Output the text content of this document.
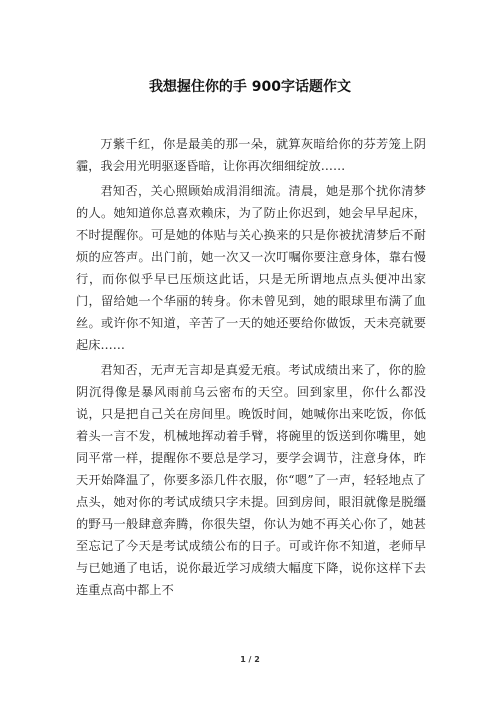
我想握住你的手 900字话题作文

万紫千红，你是最美的那一朵，就算灰暗给你的芬芳笼上阴霾，我会用光明驱逐昏暗，让你再次细细绽放……

君知否，关心照顾始成涓涓细流。清晨，她是那个扰你清梦的人。她知道你总喜欢赖床，为了防止你迟到，她会早早起床，不时提醒你。可是她的体贴与关心换来的只是你被扰清梦后不耐烦的应答声。出门前，她一次又一次叮嘱你要注意身体，靠右慢行，而你似乎早已压烦这此话，只是无所谓地点点头便冲出家门，留给她一个华丽的转身。你未曾见到，她的眼球里布满了血丝。或许你不知道，辛苦了一天的她还要给你做饭，天未亮就要起床……

君知否，无声无言却是真爱无痕。考试成绩出来了，你的脸阴沉得像是暴风雨前乌云密布的天空。回到家里，你什么都没说，只是把自己关在房间里。晚饭时间，她喊你出来吃饭，你低着头一言不发，机械地挥动着手臂，将碗里的饭送到你嘴里，她同平常一样，提醒你不要总是学习，要学会调节，注意身体，昨天开始降温了，你要多添几件衣服，你“嗯”了一声，轻轻地点了点头，她对你的考试成绩只字未提。回到房间，眼泪就像是脱缰的野马一般肆意奔腾，你很失望，你认为她不再关心你了，她甚至忘记了今天是考试成绩公布的日子。可或许你不知道，老师早与已她通了电话，说你最近学习成绩大幅度下降，说你这样下去连重点高中都上不

1 / 2
